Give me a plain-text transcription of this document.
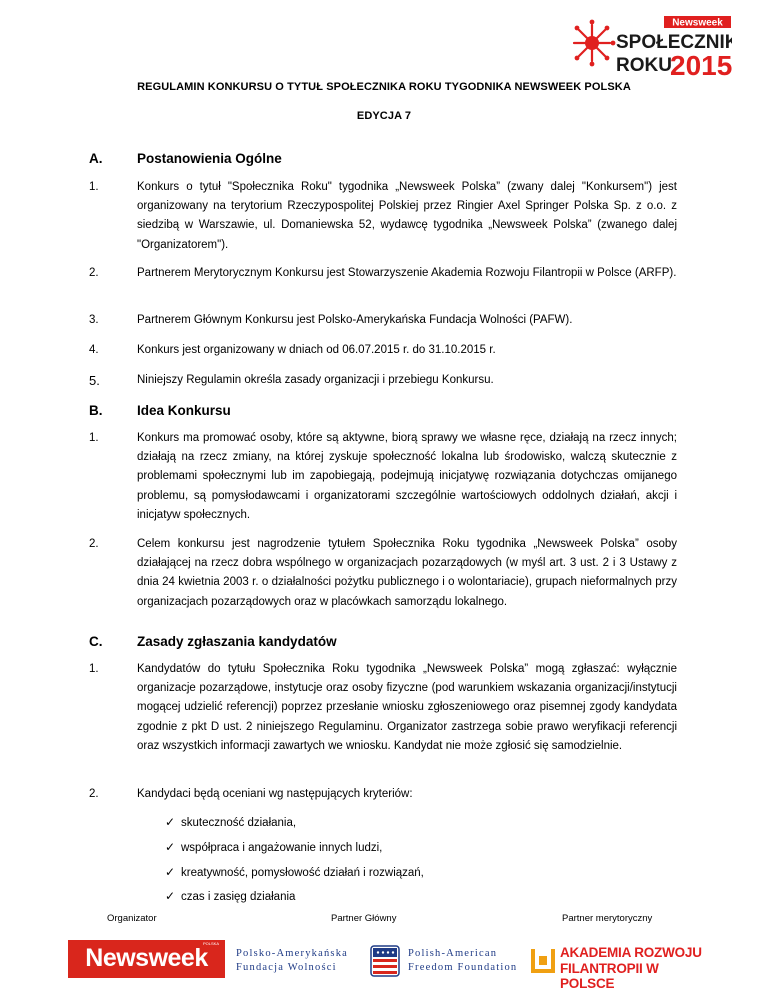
Newsweek
SPOŁECZNIK
ROKU
2015
REGULAMIN KONKURSU O TYTUŁ SPOŁECZNIKA ROKU TYGODNIKA NEWSWEEK POLSKA
EDYCJA 7
A.	Postanowienia Ogólne
1.	Konkurs o tytuł "Społecznika Roku" tygodnika „Newsweek Polska” (zwany dalej "Konkursem") jest organizowany na terytorium Rzeczypospolitej Polskiej przez Ringier Axel Springer Polska Sp. z o.o. z siedzibą w Warszawie, ul. Domaniewska 52, wydawcę tygodnika „Newsweek Polska” (zwanego dalej "Organizatorem").
2.	Partnerem Merytorycznym Konkursu jest Stowarzyszenie Akademia Rozwoju Filantropii w Polsce (ARFP).
3.	Partnerem Głównym Konkursu jest Polsko-Amerykańska Fundacja Wolności (PAFW).
4.	Konkurs jest organizowany w dniach od 06.07.2015 r. do 31.10.2015 r.
5.	Niniejszy Regulamin określa zasady organizacji i przebiegu Konkursu.
B.	Idea Konkursu
1.	Konkurs ma promować osoby, które są aktywne, biorą sprawy we własne ręce, działają na rzecz innych; działają na rzecz zmiany, na której zyskuje społeczność lokalna lub środowisko, walczą skutecznie z problemami społecznymi lub im zapobiegają, podejmują inicjatywę rozwiązania dotychczas omijanego problemu, są pomysłodawcami i organizatorami szczególnie wartościowych oddolnych działań, akcji i inicjatyw społecznych.
2.	Celem konkursu jest nagrodzenie tytułem Społecznika Roku tygodnika „Newsweek Polska” osoby działającej na rzecz dobra wspólnego w organizacjach pozarządowych (w myśl art. 3 ust. 2 i 3 Ustawy z dnia 24 kwietnia 2003 r. o działalności pożytku publicznego i o wolontariacie), grupach nieformalnych przy organizacjach pozarządowych oraz w placówkach samorządu lokalnego.
C.	Zasady zgłaszania kandydatów
1.	Kandydatów do tytułu Społecznika Roku tygodnika „Newsweek Polska” mogą zgłaszać: wyłącznie organizacje pozarządowe, instytucje oraz osoby fizyczne (pod warunkiem wskazania organizacji/instytucji mogącej udzielić referencji) poprzez przesłanie wniosku zgłoszeniowego oraz pisemnej zgody kandydata zgodnie z pkt D ust. 2 niniejszego Regulaminu. Organizator zastrzega sobie prawo weryfikacji referencji oraz wszystkich informacji zawartych we wniosku. Kandydat nie może zgłosić się samodzielnie.
2.	Kandydaci będą oceniani wg następujących kryteriów:
✓ skuteczność działania,
✓ współpraca i angażowanie innych ludzi,
✓ kreatywność, pomysłowość działań i rozwiązań,
✓ czas i zasięg działania
Organizator	Partner Główny	Partner merytoryczny
POLSKA
Newsweek	Polsko-Amerykańska
Fundacja Wolności
Polish-American
Freedom Foundation
AKADEMIA ROZWOJU
FILANTROPII W POLSCE
